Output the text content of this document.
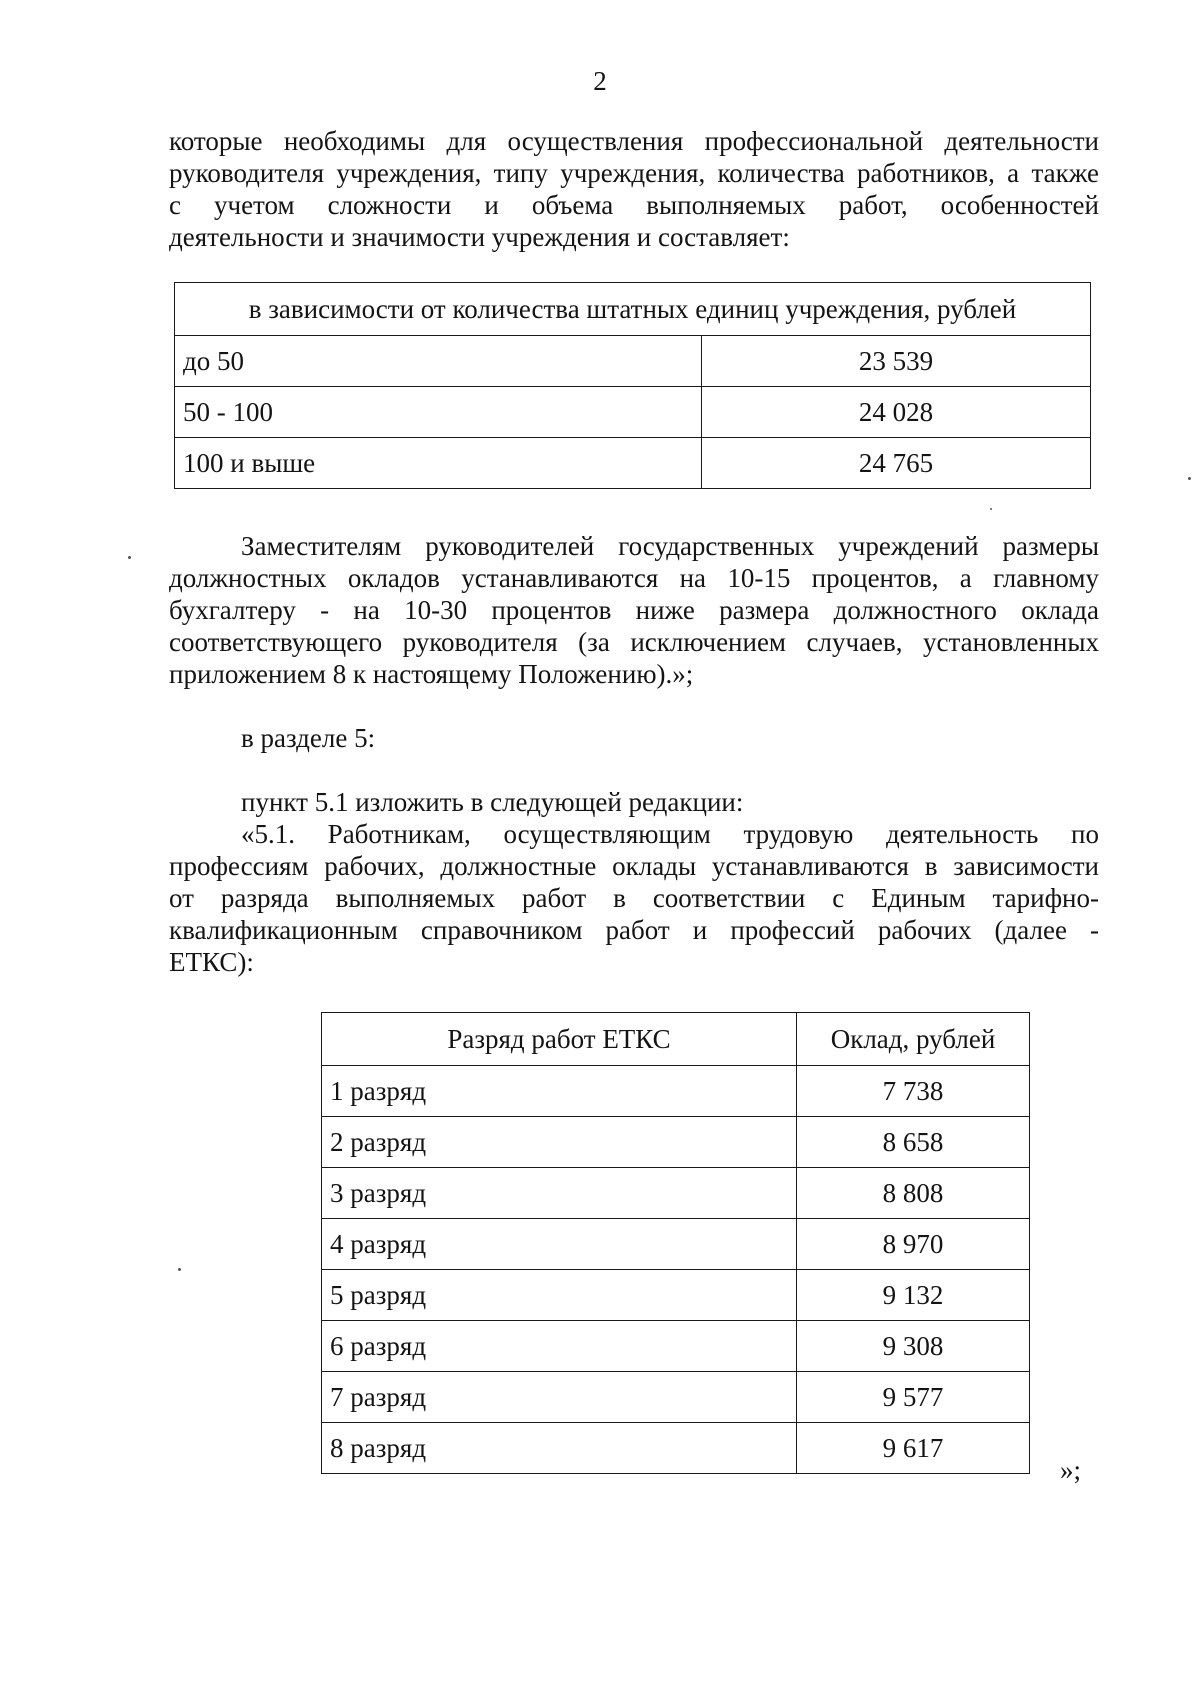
2
которые необходимы для осуществления профессиональной деятельности
руководителя учреждения, типу учреждения, количества работников, а также
с учетом сложности и объема выполняемых работ, особенностей
деятельности и значимости учреждения и составляет:
в зависимости от количества штатных единиц учреждения, рублей	
до 50	23 539
50 - 100	24 028
100 и выше	24 765
Заместителям руководителей государственных учреждений размеры
должностных окладов устанавливаются на 10-15 процентов, а главному
бухгалтеру - на 10-30 процентов ниже размера должностного оклада
соответствующего руководителя (за исключением случаев, установленных
приложением 8 к настоящему Положению).»;
в разделе 5:
пункт 5.1 изложить в следующей редакции:
«5.1. Работникам, осуществляющим трудовую деятельность по
профессиям рабочих, должностные оклады устанавливаются в зависимости
от разряда выполняемых работ в соответствии с Единым тарифно-
квалификационным справочником работ и профессий рабочих (далее -
ЕТКС):
Разряд работ ЕТКС	Оклад, рублей
1 разряд	7 738
2 разряд	8 658
3 разряд	8 808
4 разряд	8 970
5 разряд	9 132
6 разряд	9 308
7 разряд	9 577
8 разряд	9 617
»;
